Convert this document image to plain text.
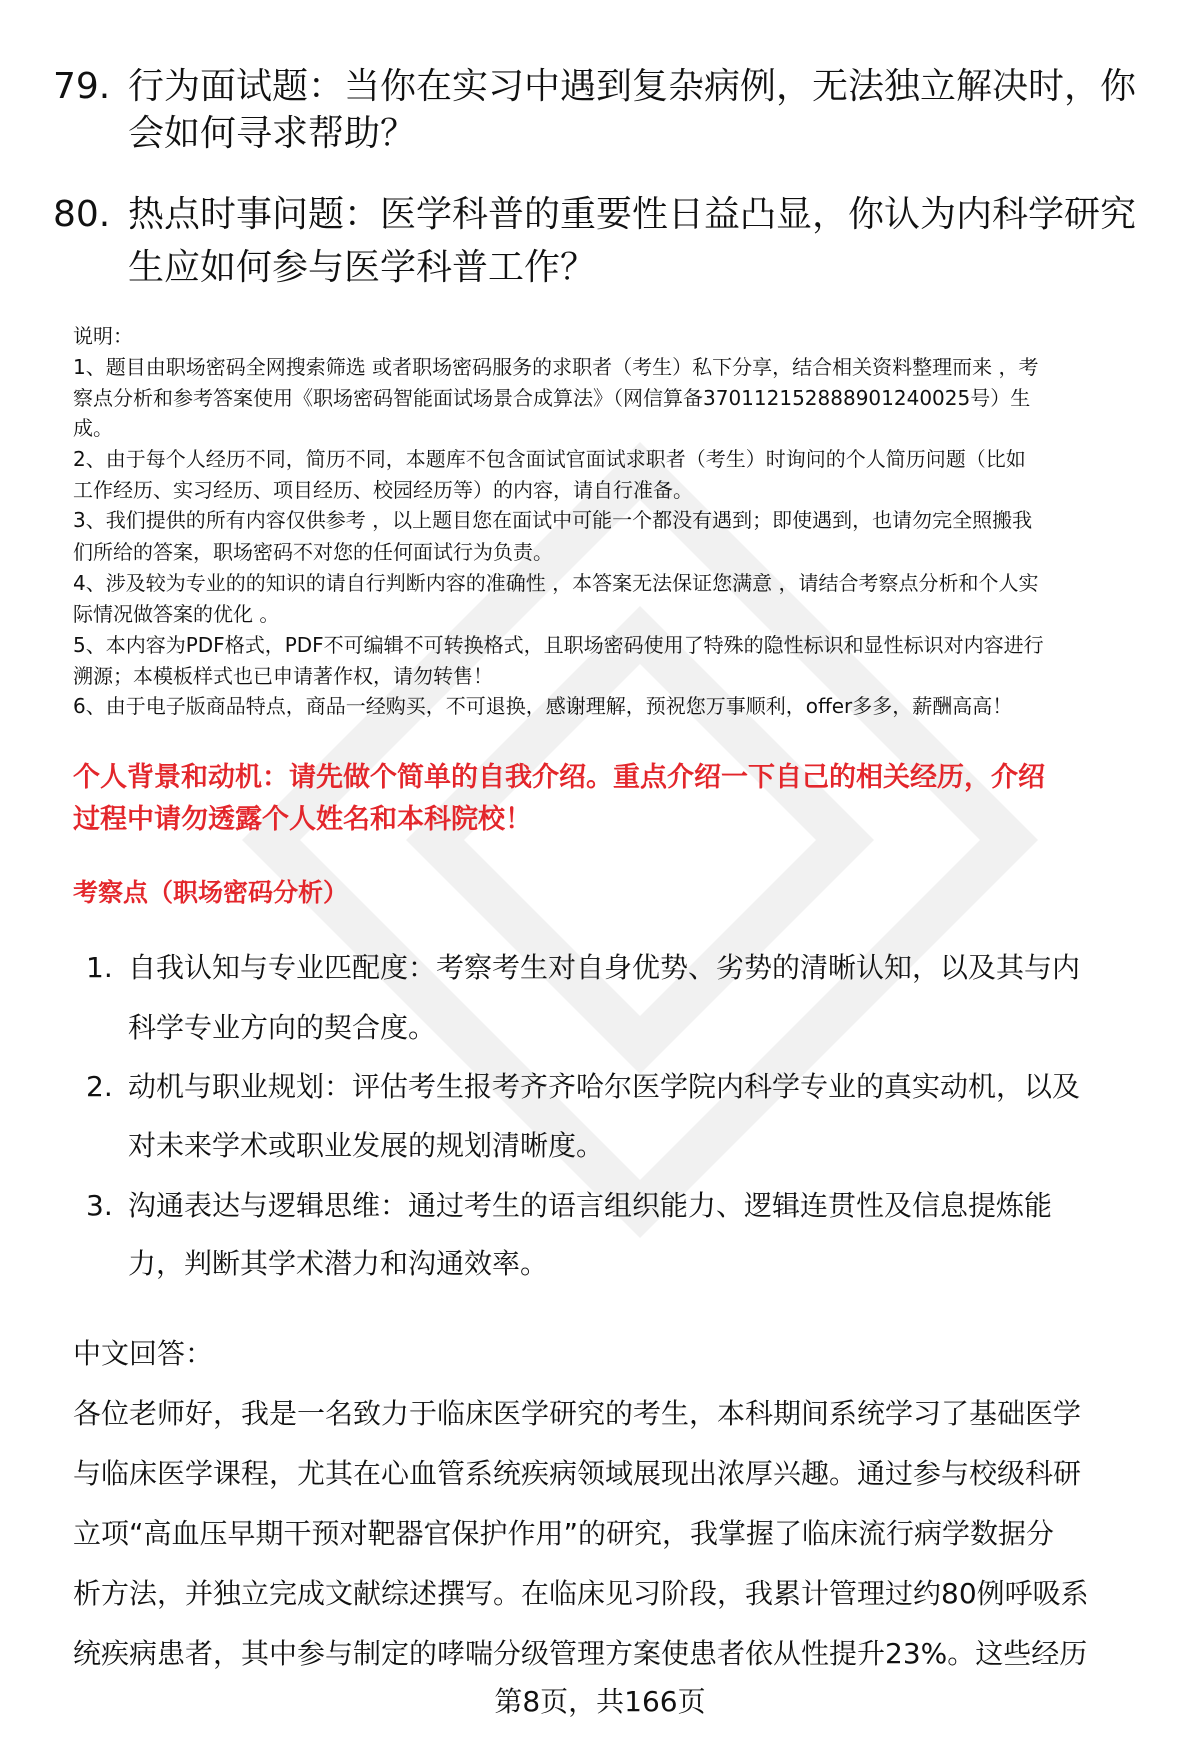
79. 行为面试题：当你在实习中遇到复杂病例，无法独立解决时，你
会如何寻求帮助？
80. 热点时事问题：医学科普的重要性日益凸显，你认为内科学研究
生应如何参与医学科普工作？
说明：
1、题目由职场密码全网搜索筛选 或者职场密码服务的求职者（考生）私下分享，结合相关资料整理而来 ，考
察点分析和参考答案使用《职场密码智能面试场景合成算法》（网信算备370112152888901240025号）生
成。
2、由于每个人经历不同，简历不同，本题库不包含面试官面试求职者（考生）时询问的个人简历问题（比如
工作经历、实习经历、项目经历、校园经历等）的内容，请自行准备。
3、我们提供的所有内容仅供参考 ，以上题目您在面试中可能一个都没有遇到；即使遇到，也请勿完全照搬我
们所给的答案，职场密码不对您的任何面试行为负责。
4、涉及较为专业的的知识的请自行判断内容的准确性 ，本答案无法保证您满意 ，请结合考察点分析和个人实
际情况做答案的优化 。
5、本内容为PDF格式，PDF不可编辑不可转换格式，且职场密码使用了特殊的隐性标识和显性标识对内容进行
溯源；本模板样式也已申请著作权，请勿转售！
6、由于电子版商品特点，商品一经购买，不可退换，感谢理解，预祝您万事顺利，offer多多，薪酬高高！
个人背景和动机：请先做个简单的自我介绍。重点介绍一下自己的相关经历，介绍
过程中请勿透露个人姓名和本科院校！
考察点（职场密码分析）
1. 自我认知与专业匹配度：考察考生对自身优势、劣势的清晰认知，以及其与内
科学专业方向的契合度。
2. 动机与职业规划：评估考生报考齐齐哈尔医学院内科学专业的真实动机，以及
对未来学术或职业发展的规划清晰度。
3. 沟通表达与逻辑思维：通过考生的语言组织能力、逻辑连贯性及信息提炼能
力，判断其学术潜力和沟通效率。
中文回答：
各位老师好，我是一名致力于临床医学研究的考生，本科期间系统学习了基础医学
与临床医学课程，尤其在心血管系统疾病领域展现出浓厚兴趣。通过参与校级科研
立项“高血压早期干预对靶器官保护作用”的研究，我掌握了临床流行病学数据分
析方法，并独立完成文献综述撰写。在临床见习阶段，我累计管理过约80例呼吸系
统疾病患者，其中参与制定的哮喘分级管理方案使患者依从性提升23%。这些经历
第8页，共166页
